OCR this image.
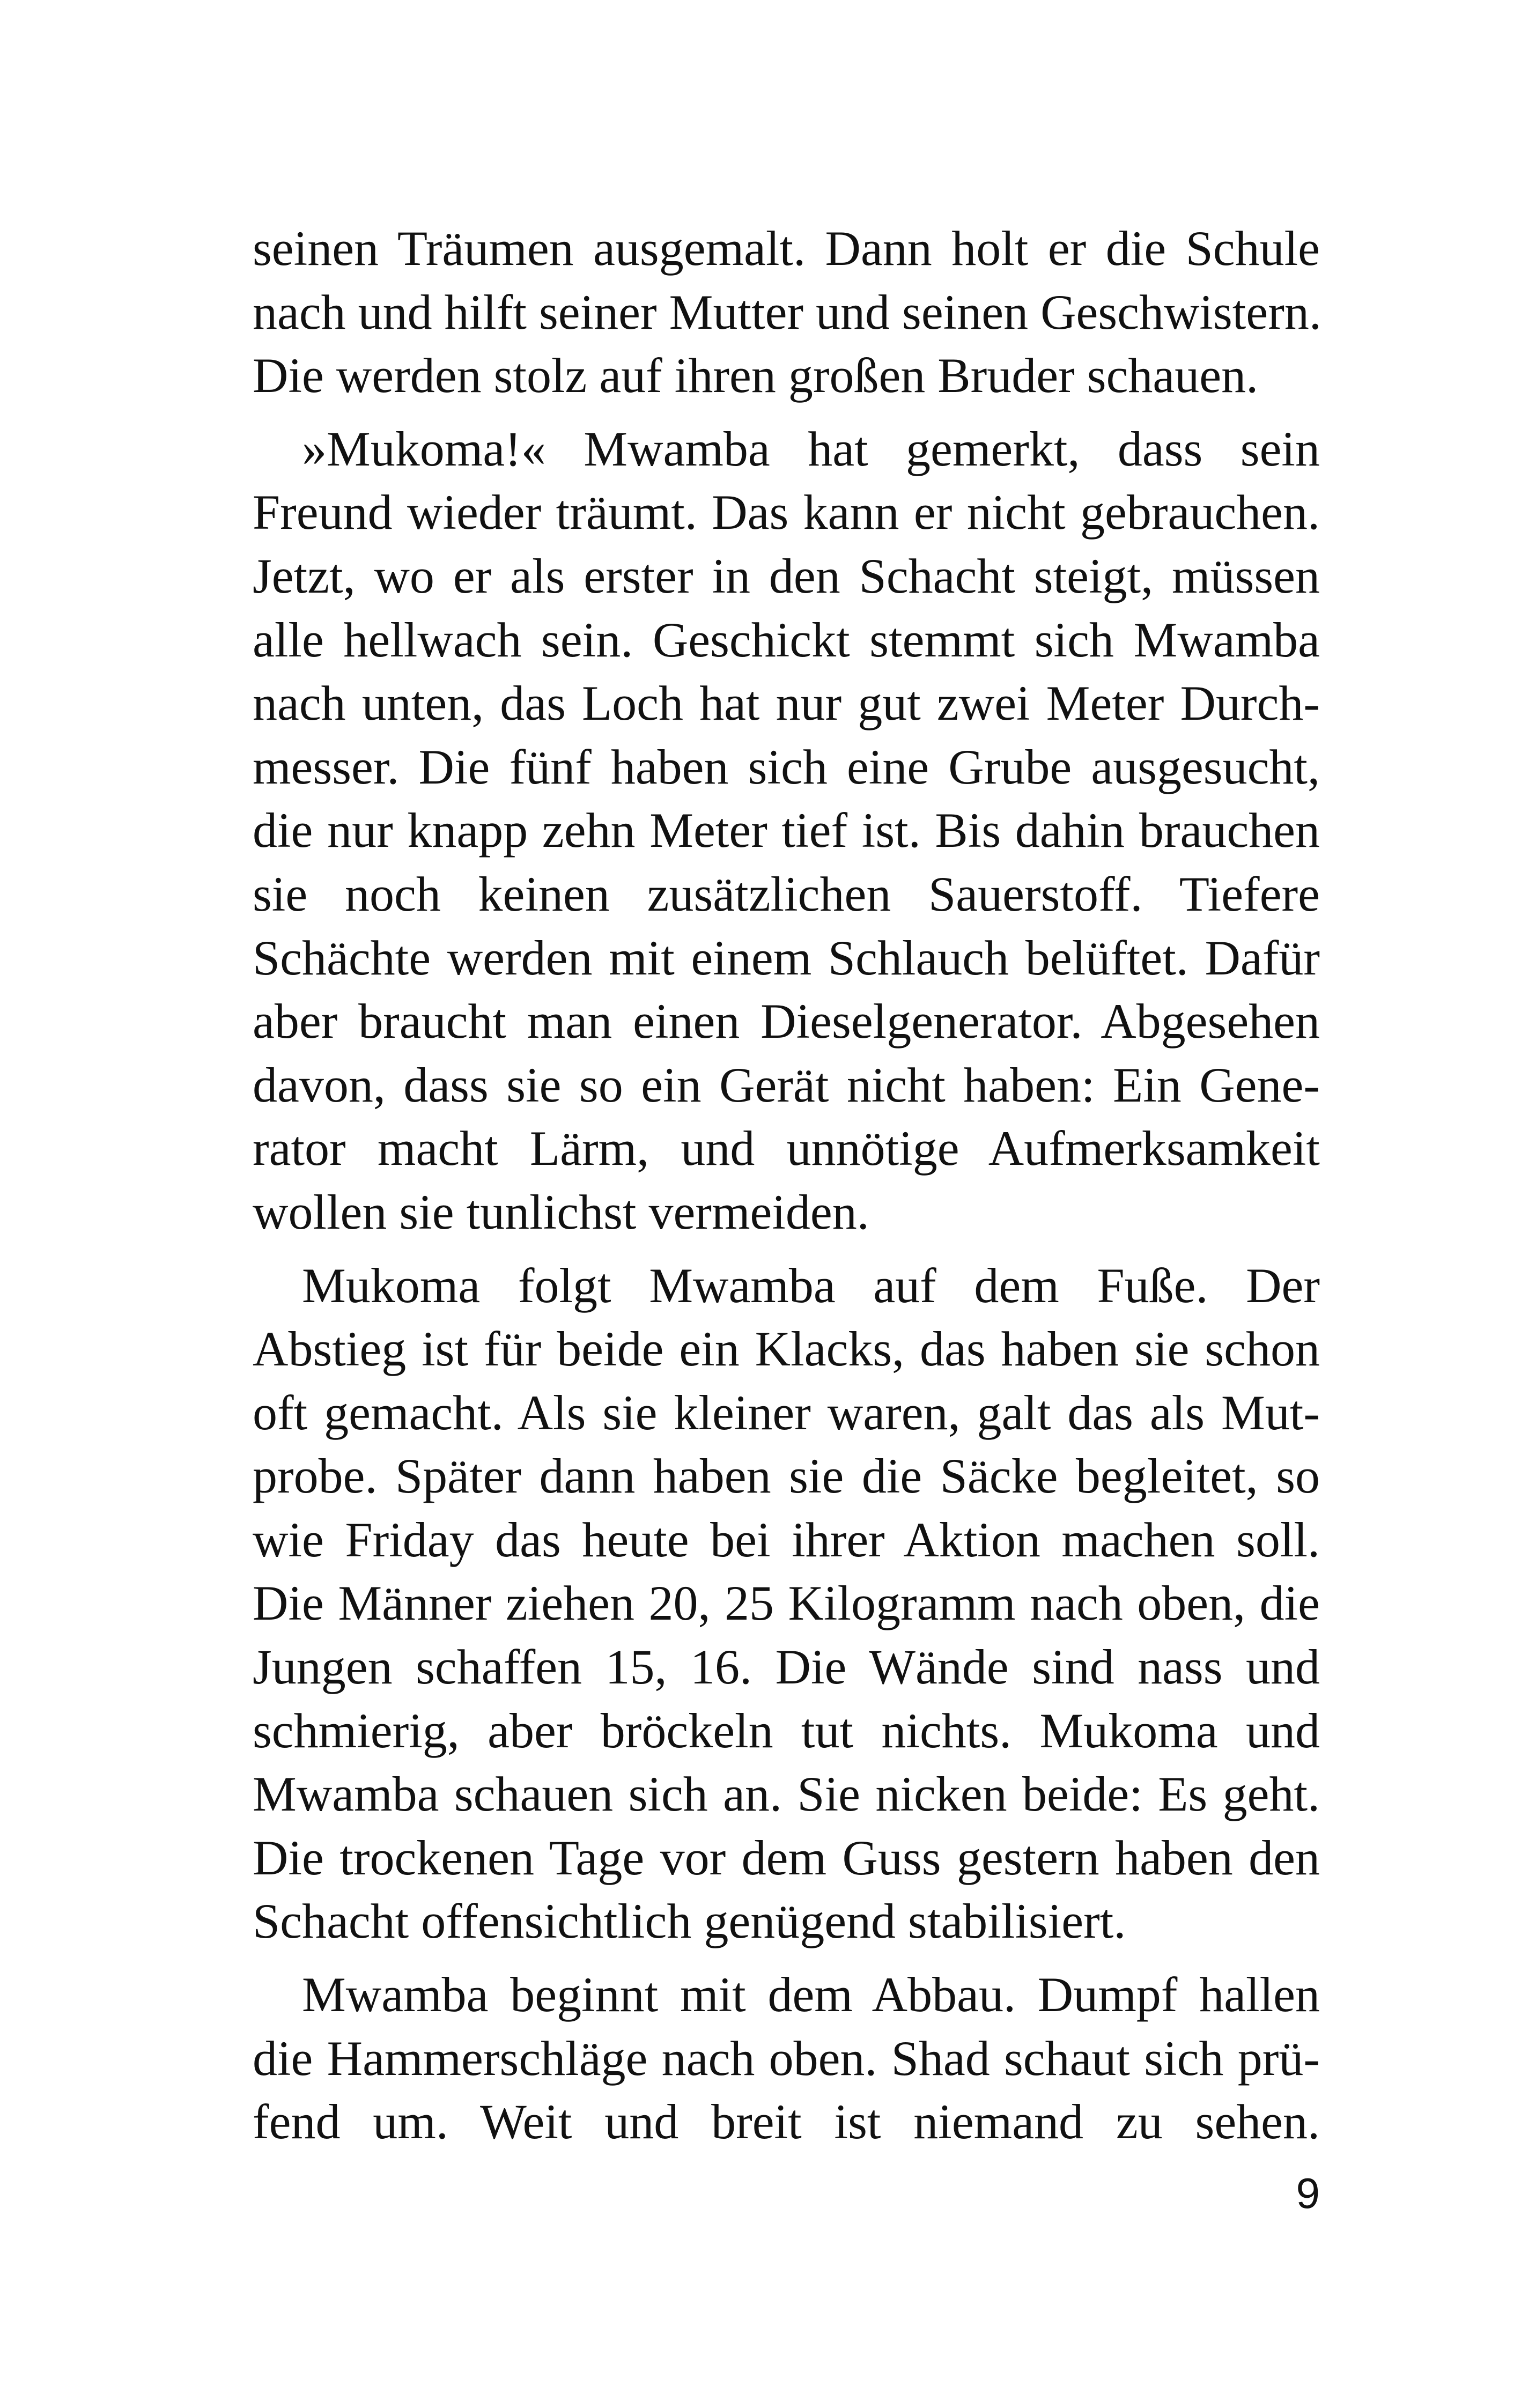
seinen Träumen ausgemalt. Dann holt er die Schule
nach und hilft seiner Mutter und seinen Geschwistern.
Die werden stolz auf ihren großen Bruder schauen.
»Mukoma!« Mwamba hat gemerkt, dass sein
Freund wieder träumt. Das kann er nicht gebrauchen.
Jetzt, wo er als erster in den Schacht steigt, müssen
alle hellwach sein. Geschickt stemmt sich Mwamba
nach unten, das Loch hat nur gut zwei Meter Durch-
messer. Die fünf haben sich eine Grube ausgesucht,
die nur knapp zehn Meter tief ist. Bis dahin brauchen
sie noch keinen zusätzlichen Sauerstoff. Tiefere
Schächte werden mit einem Schlauch belüftet. Dafür
aber braucht man einen Dieselgenerator. Abgesehen
davon, dass sie so ein Gerät nicht haben: Ein Gene-
rator macht Lärm, und unnötige Aufmerksamkeit
wollen sie tunlichst vermeiden.
Mukoma folgt Mwamba auf dem Fuße. Der
Abstieg ist für beide ein Klacks, das haben sie schon
oft gemacht. Als sie kleiner waren, galt das als Mut-
probe. Später dann haben sie die Säcke begleitet, so
wie Friday das heute bei ihrer Aktion machen soll.
Die Männer ziehen 20, 25 Kilogramm nach oben, die
Jungen schaffen 15, 16. Die Wände sind nass und
schmierig, aber bröckeln tut nichts. Mukoma und
Mwamba schauen sich an. Sie nicken beide: Es geht.
Die trockenen Tage vor dem Guss gestern haben den
Schacht offensichtlich genügend stabilisiert.
Mwamba beginnt mit dem Abbau. Dumpf hallen
die Hammerschläge nach oben. Shad schaut sich prü-
fend um. Weit und breit ist niemand zu sehen.
9
